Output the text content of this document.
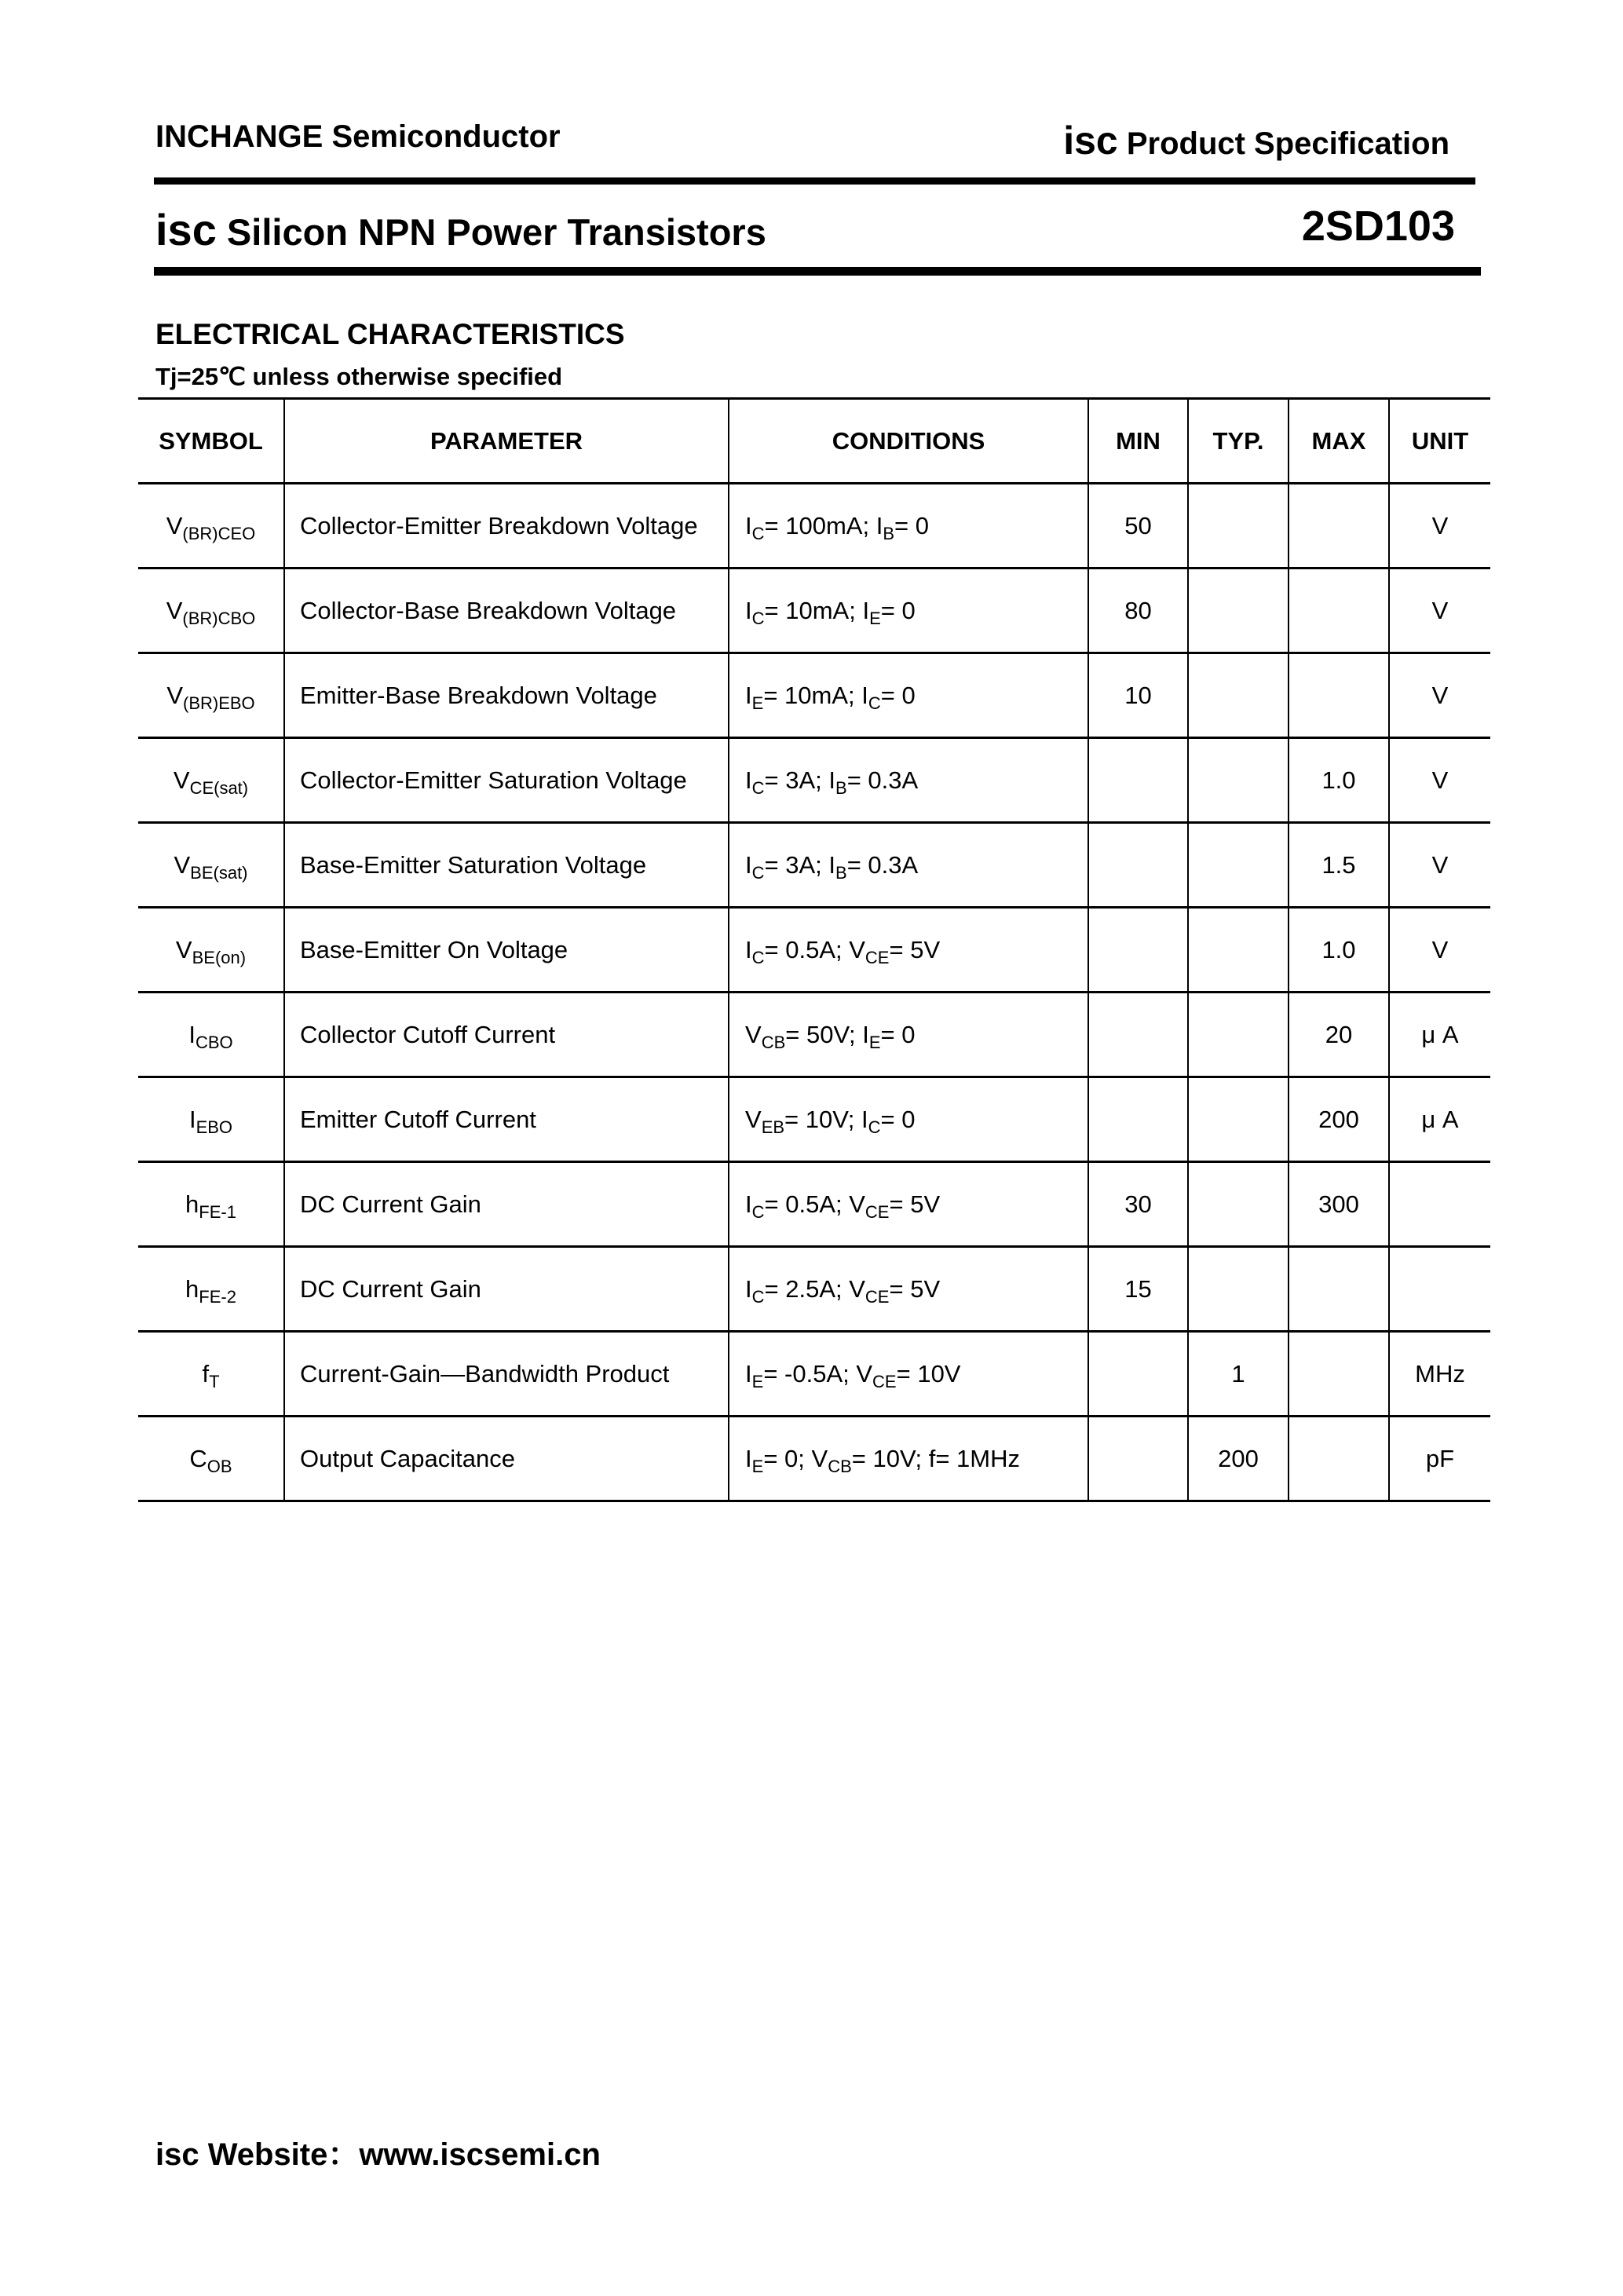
INCHANGE Semiconductor	isc Product Specification
isc Silicon NPN Power Transistors	2SD103
ELECTRICAL CHARACTERISTICS
Tj=25℃ unless otherwise specified
SYMBOL	PARAMETER	CONDITIONS	MIN	TYP.	MAX	UNIT
$V_{(BR)CEO}$	Collector-Emitter Breakdown Voltage	$I_C= 100mA$; $I_B= 0$	50			V
$V_{(BR)CBO}$	Collector-Base Breakdown Voltage	$I_C= 10mA$; $I_E= 0$	80			V
$V_{(BR)EBO}$	Emitter-Base Breakdown Voltage	$I_E= 10mA$; $I_C= 0$	10			V
$V_{CE(sat)}$	Collector-Emitter Saturation Voltage	$I_C= 3A$; $I_B= 0.3A$			1.0	V
$V_{BE(sat)}$	Base-Emitter Saturation Voltage	$I_C= 3A$; $I_B= 0.3A$			1.5	V
$V_{BE(on)}$	Base-Emitter On Voltage	$I_C= 0.5A$; $V_{CE}= 5V$			1.0	V
$I_{CBO}$	Collector Cutoff Current	$V_{CB}= 50V$; $I_E= 0$			20	μ A
$I_{EBO}$	Emitter Cutoff Current	$V_{EB}= 10V$; $I_C= 0$			200	μ A
$h_{FE-1}$	DC Current Gain	$I_C= 0.5A$; $V_{CE}= 5V$	30		300	
$h_{FE-2}$	DC Current Gain	$I_C= 2.5A$; $V_{CE}= 5V$	15			
$f_T$	Current-Gain—Bandwidth Product	$I_E= -0.5A$; $V_{CE}= 10V$		1		MHz
$C_{OB}$	Output Capacitance	$I_E= 0$; $V_{CB}= 10V$; f= 1MHz		200		pF
isc Website：www.iscsemi.cn
